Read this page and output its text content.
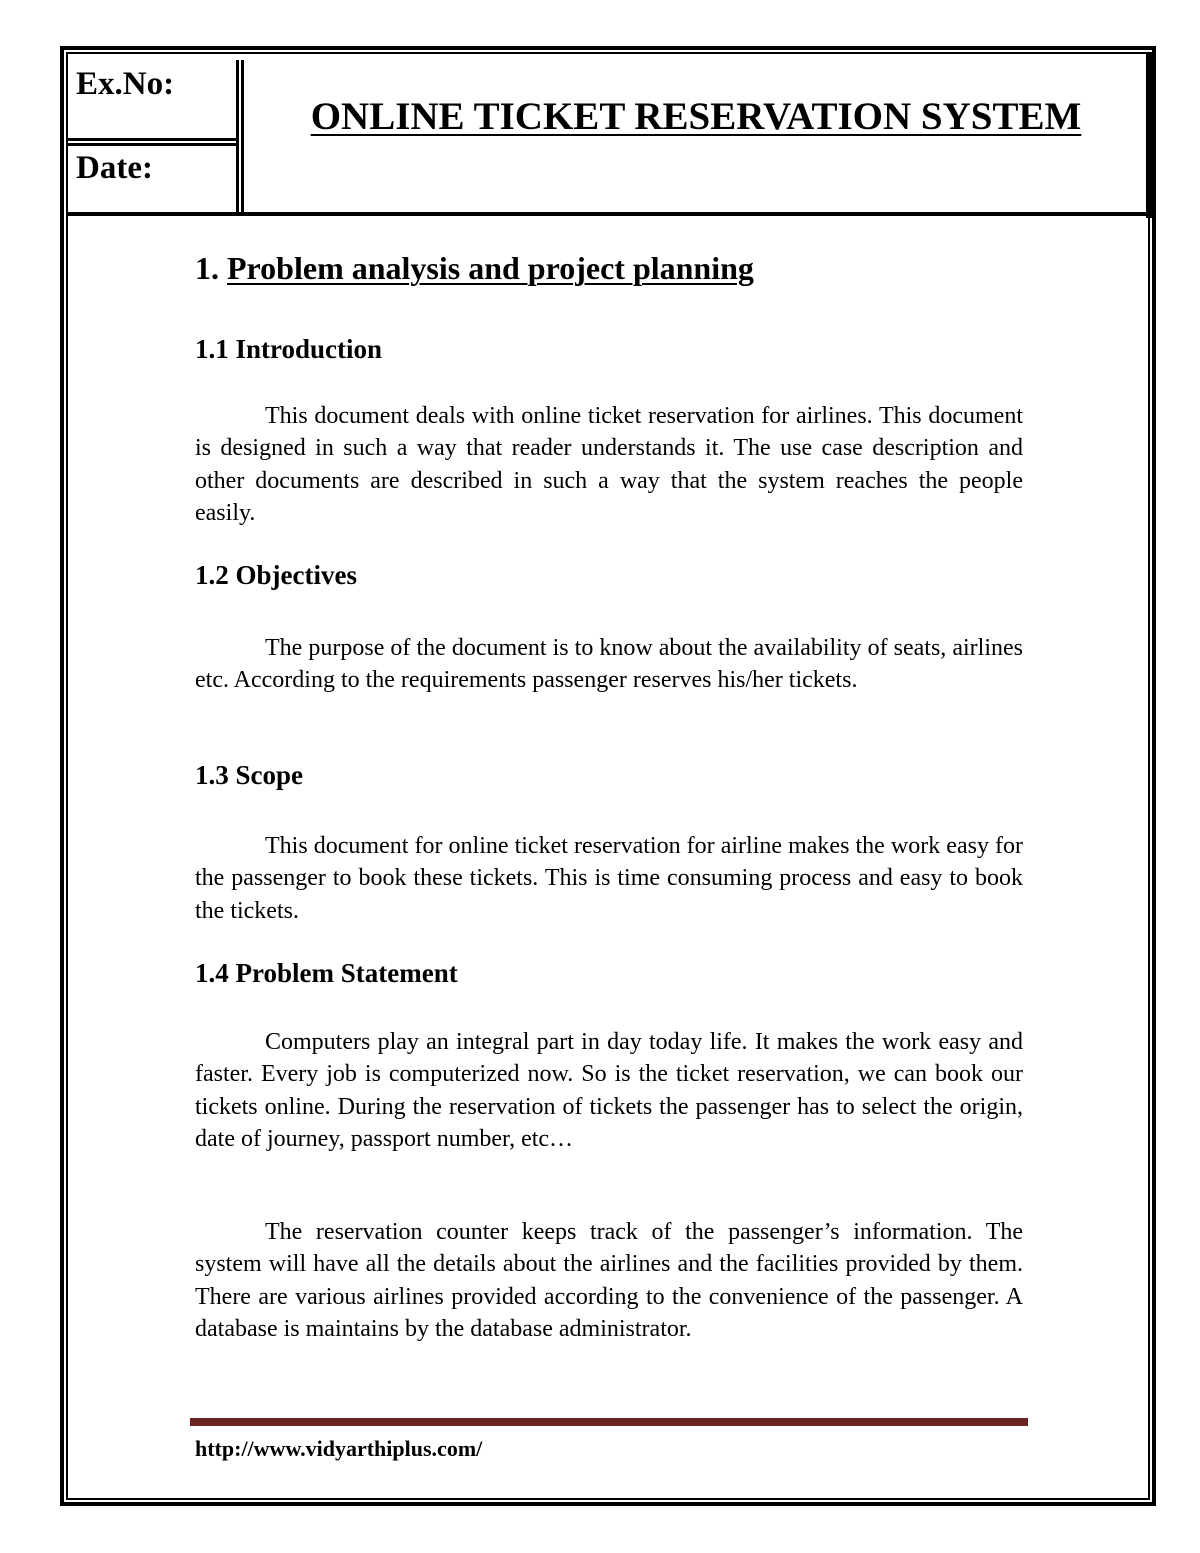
Ex.No:
Date:
ONLINE TICKET RESERVATION SYSTEM
1. Problem analysis and project planning
1.1 Introduction

This document deals with online ticket reservation for airlines. This document is designed in such a way that reader understands it. The use case description and other documents are described in such a way that the system reaches the people easily.

1.2 Objectives

The purpose of the document is to know about the availability of seats, airlines etc. According to the requirements passenger reserves his/her tickets.

1.3 Scope

This document for online ticket reservation for airline makes the work easy for the passenger to book these tickets. This is time consuming process and easy to book the tickets.

1.4 Problem Statement

Computers play an integral part in day today life. It makes the work easy and faster. Every job is computerized now. So is the ticket reservation, we can book our tickets online. During the reservation of tickets the passenger has to select the origin, date of journey, passport number, etc…

The reservation counter keeps track of the passenger’s information. The system will have all the details about the airlines and the facilities provided by them. There are various airlines provided according to the convenience of the passenger. A database is maintains by the database administrator.

http://www.vidyarthiplus.com/
